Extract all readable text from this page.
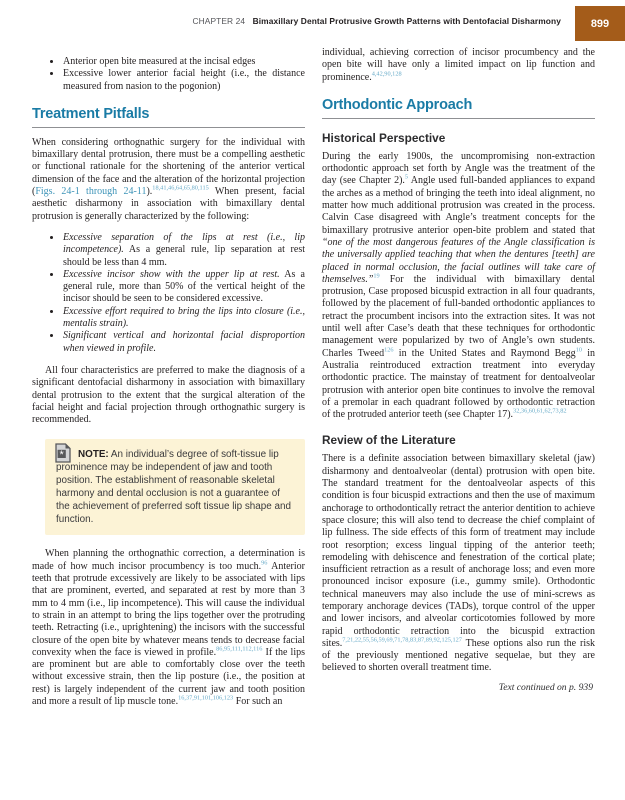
CHAPTER 24 Bimaxillary Dental Protrusive Growth Patterns with Dentofacial Disharmony	899
• Anterior open bite measured at the incisal edges
• Excessive lower anterior facial height (i.e., the distance measured from nasion to the pogonion)
Treatment Pitfalls

When considering orthognathic surgery for the individual with bimaxillary dental protrusion, there must be a compelling aesthetic or functional rationale for the shortening of the anterior vertical dimension of the face and the alteration of the horizontal projection (Figs. 24-1 through 24-11).$^{18,41,46,64,65,80,115}$ When present, facial aesthetic disharmony in association with bimaxillary dental protrusion is generally characterized by the following:

• Excessive separation of the lips at rest (i.e., lip incompetence). As a general rule, lip separation at rest should be less than 4 mm.
• Excessive incisor show with the upper lip at rest. As a general rule, more than 50% of the vertical height of the incisor should be seen to be considered excessive.
• Excessive effort required to bring the lips into closure (i.e., mentalis strain).
• Significant vertical and horizontal facial disproportion when viewed in profile.

All four characteristics are preferred to make the diagnosis of a significant dentofacial disharmony in association with bimaxillary dental protrusion to the extent that the surgical alteration of the facial height and facial projection through orthognathic surgery is recommended.

*	NOTE: An individual’s degree of soft-tissue lip prominence may be independent of jaw and tooth position. The establishment of reasonable skeletal harmony and dental occlusion is not a guarantee of the achievement of preferred soft tissue lip shape and function.

When planning the orthognathic correction, a determination is made of how much incisor procumbency is too much.$^{96}$ Anterior teeth that protrude excessively are likely to be associated with lips that are prominent, everted, and separated at rest by more than 3 mm to 4 mm (i.e., lip incompetence). This will cause the individual to strain in an attempt to bring the lips together over the protruding teeth. Retracting (i.e., uprightening) the incisors with the successful closure of the open bite by whatever means tends to decrease facial convexity when the face is viewed in profile.$^{86,95,111,112,116}$ If the lips are prominent but are able to comfortably close over the teeth without excessive strain, then the lip posture (i.e., the position at rest) is largely independent of the current jaw and tooth position and more a result of lip muscle tone.$^{16,37,91,101,106,123}$ For such an

individual, achieving correction of incisor procumbency and the open bite will have only a limited impact on lip function and prominence.$^{4,42,90,128}$

Orthodontic Approach
Historical Perspective

During the early 1900s, the uncompromising non-extraction orthodontic approach set forth by Angle was the treatment of the day (see Chapter 2).$^5$ Angle used full-banded appliances to expand the arches as a method of bringing the teeth into ideal alignment, no matter how much additional protrusion was created in the process. Calvin Case disagreed with Angle’s treatment concepts for the bimaxillary protrusive anterior open-bite problem and stated that “one of the most dangerous features of the Angle classification is the universally applied teaching that when the dentures [teeth] are placed in normal occlusion, the facial outlines will take care of themselves.”$^{19}$ For the individual with bimaxillary dental protrusion, Case proposed bicuspid extraction in all four quadrants, followed by the placement of full-banded orthodontic appliances to retract the procumbent incisors into the extraction sites. It was not until well after Case’s death that these techniques for orthodontic management were popularized by two of Angle’s own students. Charles Tweed$^{126}$ in the United States and Raymond Begg$^{10}$ in Australia reintroduced extraction treatment into everyday orthodontic practice. The mainstay of treatment for dentoalveolar protrusion with anterior open bite continues to involve the removal of a premolar in each quadrant followed by orthodontic retraction of the protruded anterior teeth (see Chapter 17).$^{32,36,60,61,62,73,82}$

Review of the Literature

There is a definite association between bimaxillary skeletal (jaw) disharmony and dentoalveolar (dental) protrusion with open bite. The standard treatment for the dentoalveolar aspects of this condition is four bicuspid extractions and then the use of maximum anchorage to orthodontically retract the anterior dentition to achieve space closure; this will also tend to decrease the chief complaint of lip fullness. The side effects of this form of treatment may include root resorption; excess lingual tipping of the anterior teeth; remodeling with dehiscence and fenestration of the cortical plate; insufficient retraction as a result of anchorage loss; and even more pronounced incisor exposure (i.e., gummy smile). Orthodontic technical maneuvers may also include the use of mini-screws as temporary anchorage devices (TADs), torque control of the upper and lower incisors, and alveolar corticotomies followed by more rapid orthodontic retraction into the bicuspid extraction sites.$^{7,21,22,55,56,59,69,71,78,83,87,89,92,125,127}$ These options also run the risk of the previously mentioned negative sequelae, but they are believed to shorten overall treatment time.

Text continued on p. 939
